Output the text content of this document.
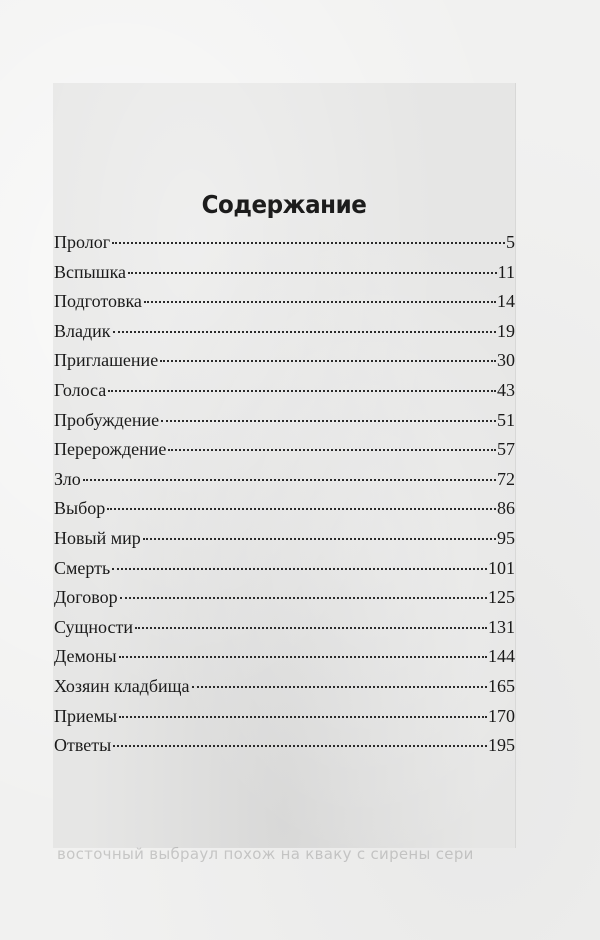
Содержание
Пролог	5
Вспышка	11
Подготовка	14
Владик	19
Приглашение	30
Голоса	43
Пробуждение	51
Перерождение	57
Зло	72
Выбор	86
Новый мир	95
Смерть	101
Договор	125
Сущности	131
Демоны	144
Хозяин кладбища	165
Приемы	170
Ответы	195
восточный выбраул похож на кваку с сирены сери
